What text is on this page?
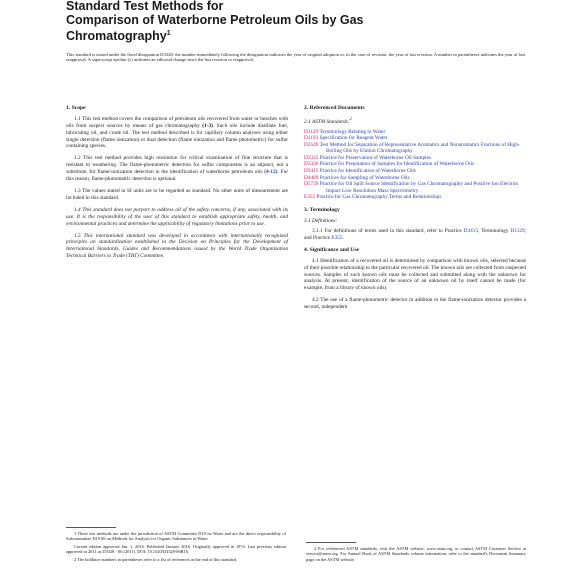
Standard Test Methods for
Comparison of Waterborne Petroleum Oils by Gas
Chromatography$^1$
This standard is issued under the fixed designation D3328; the number immediately following the designation indicates the year of original adoption or, in the case of revision, the year of last revision. A number in parentheses indicates the year of last reapproval. A superscript epsilon (ε) indicates an editorial change since the last revision or reapproval.
1. Scope

1.1 This test method covers the comparison of petroleum oils recovered from water or beaches with oils from suspect sources by means of gas chromatography (1-3). Such oils include distillate fuel, lubricating oil, and crude oil. The test method described is for capillary column analyses using either single detection (flame ionization) or dual detection (flame ionization and flame photometric) for sulfur containing species.

1.2 This test method provides high resolution for critical examination of fine structure that is resistant to weathering. The flame-photometric detection for sulfur components is an adjunct, not a substitute, for flame-ionization detection in the identification of waterborne petroleum oils (4-12). For this reason, flame-photometric detection is optional.

1.3 The values stated in SI units are to be regarded as standard. No other units of measurement are included in this standard.

1.4 This standard does not purport to address all of the safety concerns, if any, associated with its use. It is the responsibility of the user of this standard to establish appropriate safety, health, and environmental practices and determine the applicability of regulatory limitations prior to use.

1.5 This international standard was developed in accordance with internationally recognized principles on standardization established in the Decision on Principles for the Development of International Standards, Guides and Recommendations issued by the World Trade Organization Technical Barriers to Trade (TBT) Committee.

2. Referenced Documents
2.1 ASTM Standards:$^2$
D1129 Terminology Relating to Water
D1193 Specification for Reagent Water
D2549 Test Method for Separation of Representative Aromatics and Nonaromatics Fractions of High-Boiling Oils by Elution Chromatography
D3325 Practice for Preservation of Waterborne Oil Samples
D3326 Practice for Preparation of Samples for Identification of Waterborne Oils
D3415 Practice for Identification of Waterborne Oils
D4489 Practices for Sampling of Waterborne Oils
D5739 Practice for Oil Spill Source Identification by Gas Chromatography and Positive Ion Electron Impact Low Resolution Mass Spectrometry
E355 Practice for Gas Chromatography Terms and Relationships
3. Terminology
3.1 Definitions:

3.1.1 For definitions of terms used in this standard, refer to Practice D3415, Terminology D1129, and Practice E355.

4. Significance and Use

4.1 Identification of a recovered oil is determined by comparison with known oils, selected because of their possible relationship to the particular recovered oil. The known oils are collected from suspected sources. Samples of such known oils must be collected and submitted along with the unknown for analysis. At present, identification of the source of an unknown oil by itself cannot be made (for example, from a library of known oils).

4.2 The use of a flame-photometric detector in addition to the flame-ionization detector provides a second, independent

1 These test methods are under the jurisdiction of ASTM Committee D19 on Water and are the direct responsibility of Subcommittee D19.06 on Methods for Analysis for Organic Substances in Water.

Current edition approved Jan. 1, 2016. Published January 2016. Originally approved in 1974. Last previous edition approved in 2011 as D3328 - 06 (2011). DOI: 10.1520/D3328-06R16.

2 The boldface numbers in parentheses refer to a list of references at the end of this standard.

2 For referenced ASTM standards, visit the ASTM website, www.astm.org, or contact ASTM Customer Service at service@astm.org. For Annual Book of ASTM Standards volume information, refer to the standard's Document Summary page on the ASTM website.
